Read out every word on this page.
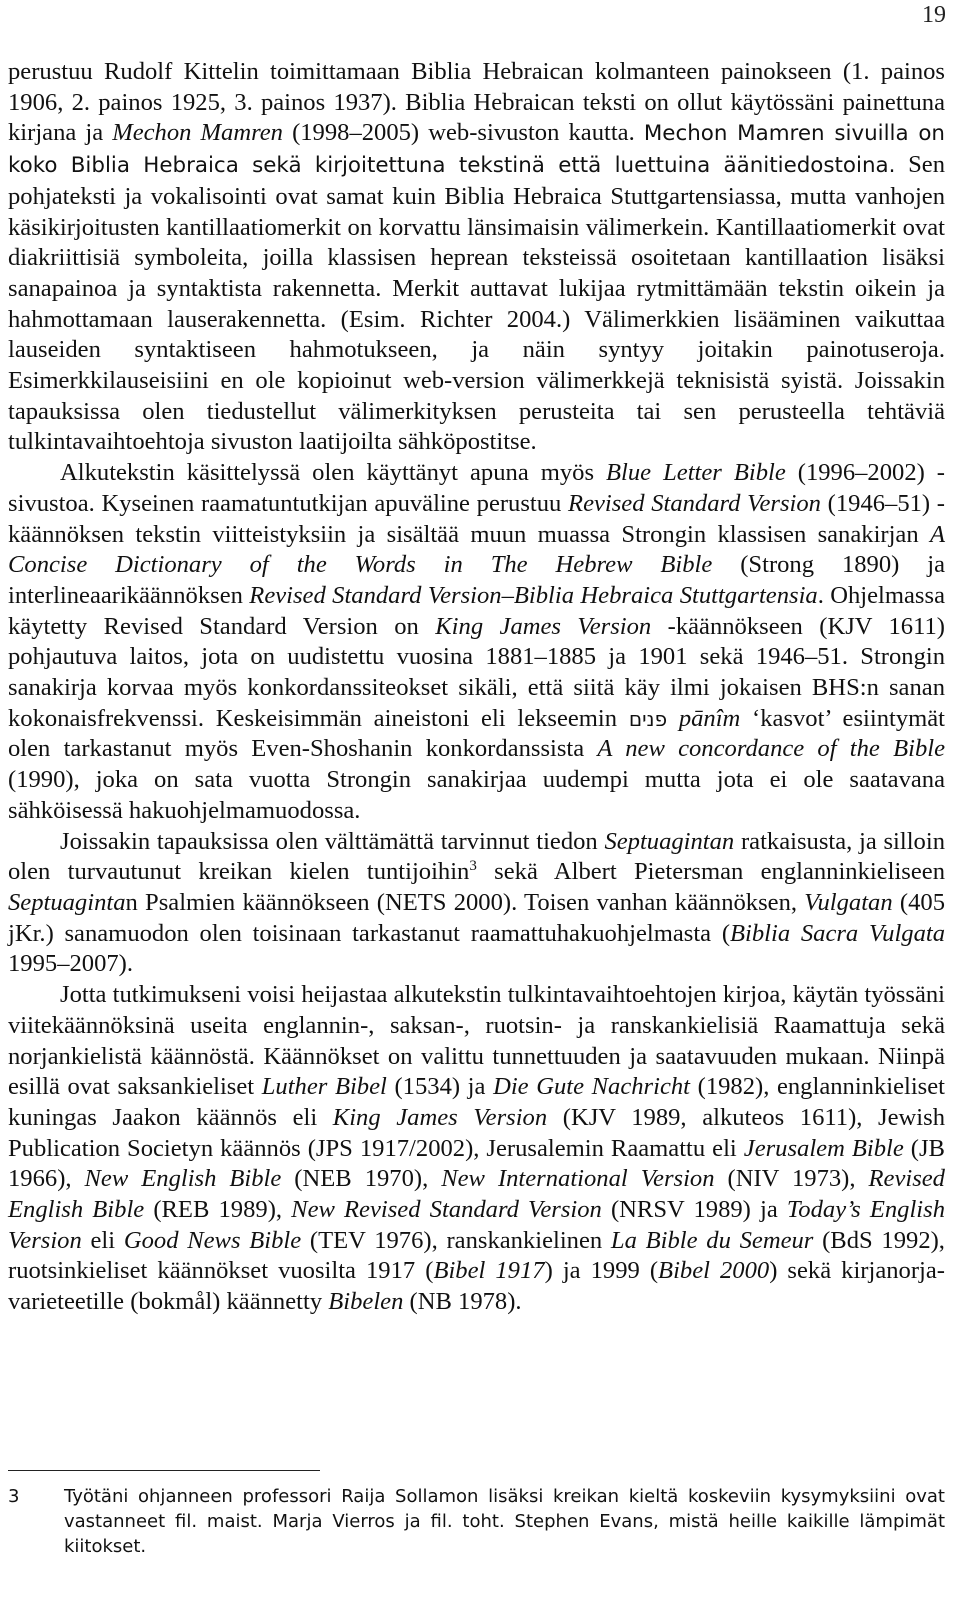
19

perustuu Rudolf Kittelin toimittamaan Biblia Hebraican kolmanteen painokseen (1. painos 1906, 2. painos 1925, 3. painos 1937). Biblia Hebraican teksti on ollut käytössäni painettuna kirjana ja Mechon Mamren (1998–2005) web-sivuston kautta. Mechon Mamren sivuilla on koko Biblia Hebraica sekä kirjoitettuna tekstinä että luettuina äänitiedostoina. Sen pohjateksti ja vokalisointi ovat samat kuin Biblia Hebraica Stuttgartensiassa, mutta vanhojen käsikirjoitusten kantillaatiomerkit on korvattu länsimaisin välimerkein. Kantillaatiomerkit ovat diakriittisiä symboleita, joilla klassisen heprean teksteissä osoitetaan kantillaation lisäksi sanapainoa ja syntaktista rakennetta. Merkit auttavat lukijaa rytmittämään tekstin oikein ja hahmottamaan lauserakennetta. (Esim. Richter 2004.) Välimerkkien lisääminen vaikuttaa lauseiden syntaktiseen hahmotukseen, ja näin syntyy joitakin painotuseroja. Esimerkkilauseisiini en ole kopioinut web-version välimerkkejä teknisistä syistä. Joissakin tapauksissa olen tiedustellut välimerkityksen perusteita tai sen perusteella tehtäviä tulkintavaihtoehtoja sivuston laatijoilta sähköpostitse.

Alkutekstin käsittelyssä olen käyttänyt apuna myös Blue Letter Bible (1996–2002) -sivustoa. Kyseinen raamatuntutkijan apuväline perustuu Revised Standard Version (1946–51) -käännöksen tekstin viitteistyksiin ja sisältää muun muassa Strongin klassisen sanakirjan A Concise Dictionary of the Words in The Hebrew Bible (Strong 1890) ja interlineaarikäännöksen Revised Standard Version–Biblia Hebraica Stuttgartensia. Ohjelmassa käytetty Revised Standard Version on King James Version -käännökseen (KJV 1611) pohjautuva laitos, jota on uudistettu vuosina 1881–1885 ja 1901 sekä 1946–51. Strongin sanakirja korvaa myös konkordanssiteokset sikäli, että siitä käy ilmi jokaisen BHS:n sanan kokonaisfrekvenssi. Keskeisimmän aineistoni eli lekseemin פנים pānîm ‘kasvot’ esiintymät olen tarkastanut myös Even-Shoshanin konkordanssista A new concordance of the Bible (1990), joka on sata vuotta Strongin sanakirjaa uudempi mutta jota ei ole saatavana sähköisessä hakuohjelmamuodossa.

Joissakin tapauksissa olen välttämättä tarvinnut tiedon Septuagintan ratkaisusta, ja silloin olen turvautunut kreikan kielen tuntijoihin$^3$ sekä Albert Pietersman englanninkieliseen Septuagintan Psalmien käännökseen (NETS 2000). Toisen vanhan käännöksen, Vulgatan (405 jKr.) sanamuodon olen toisinaan tarkastanut raamattuhakuohjelmasta (Biblia Sacra Vulgata 1995–2007).

Jotta tutkimukseni voisi heijastaa alkutekstin tulkintavaihtoehtojen kirjoa, käytän työssäni viitekäännöksinä useita englannin-, saksan-, ruotsin- ja ranskankielisiä Raamattuja sekä norjankielistä käännöstä. Käännökset on valittu tunnettuuden ja saatavuuden mukaan. Niinpä esillä ovat saksankieliset Luther Bibel (1534) ja Die Gute Nachricht (1982), englanninkieliset kuningas Jaakon käännös eli King James Version (KJV 1989, alkuteos 1611), Jewish Publication Societyn käännös (JPS 1917/2002), Jerusalemin Raamattu eli Jerusalem Bible (JB 1966), New English Bible (NEB 1970), New International Version (NIV 1973), Revised English Bible (REB 1989), New Revised Standard Version (NRSV 1989) ja Today’s English Version eli Good News Bible (TEV 1976), ranskankielinen La Bible du Semeur (BdS 1992), ruotsinkieliset käännökset vuosilta 1917 (Bibel 1917) ja 1999 (Bibel 2000) sekä kirjanorja-varieteetille (bokmål) käännetty Bibelen (NB 1978).

3 Työtäni ohjanneen professori Raija Sollamon lisäksi kreikan kieltä koskeviin kysymyksiini ovat vastanneet fil. maist. Marja Vierros ja fil. toht. Stephen Evans, mistä heille kaikille lämpimät kiitokset.
